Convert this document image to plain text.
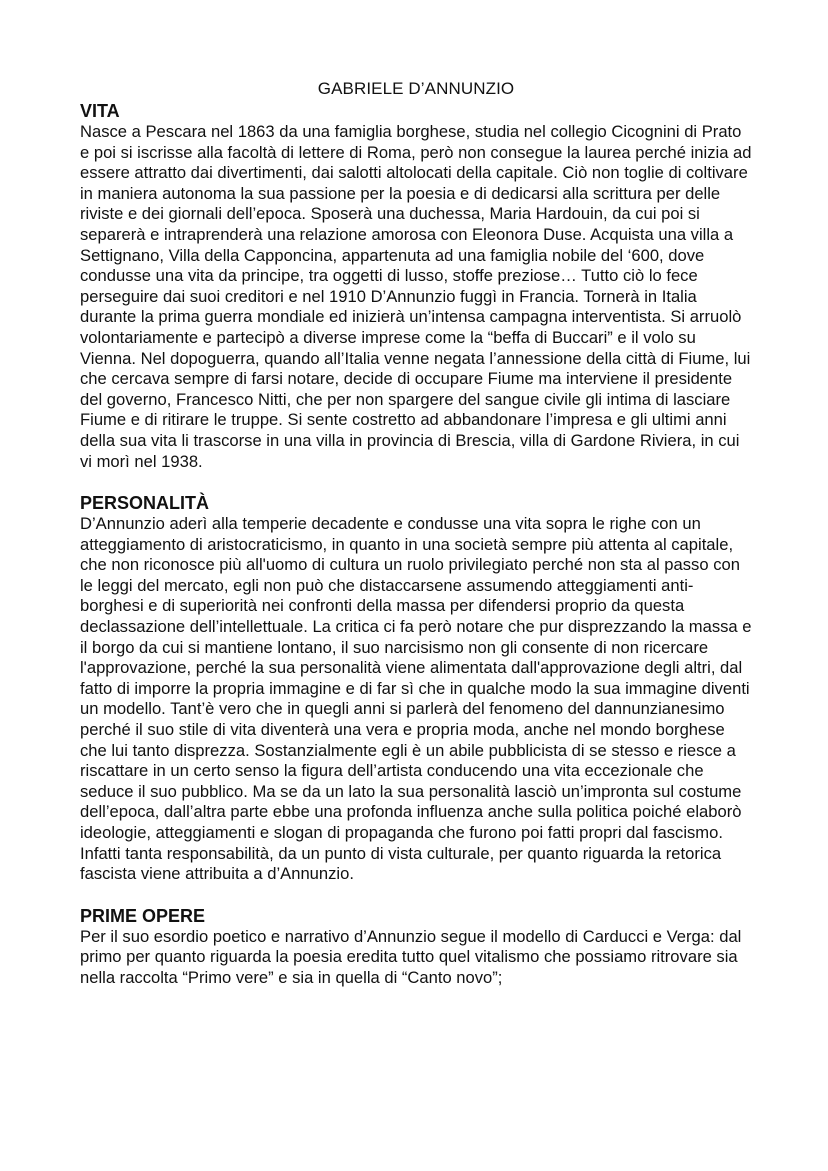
GABRIELE D’ANNUNZIO
VITA

Nasce a Pescara nel 1863 da una famiglia borghese, studia nel collegio Cicognini di Prato e poi si iscrisse alla facoltà di lettere di Roma, però non consegue la laurea perché inizia ad essere attratto dai divertimenti, dai salotti altolocati della capitale. Ciò non toglie di coltivare in maniera autonoma la sua passione per la poesia e di dedicarsi alla scrittura per delle riviste e dei giornali dell’epoca. Sposerà una duchessa, Maria Hardouin, da cui poi si separerà e intraprenderà una relazione amorosa con Eleonora Duse. Acquista una villa a Settignano, Villa della Capponcina, appartenuta ad una famiglia nobile del ‘600, dove condusse una vita da principe, tra oggetti di lusso, stoffe preziose… Tutto ciò lo fece perseguire dai suoi creditori e nel 1910 D’Annunzio fuggì in Francia. Tornerà in Italia durante la prima guerra mondiale ed inizierà un’intensa campagna interventista. Si arruolò volontariamente e partecipò a diverse imprese come la “beffa di Buccari” e il volo su Vienna. Nel dopoguerra, quando all’Italia venne negata l’annessione della città di Fiume, lui che cercava sempre di farsi notare, decide di occupare Fiume ma interviene il presidente del governo, Francesco Nitti, che per non spargere del sangue civile gli intima di lasciare Fiume e di ritirare le truppe. Si sente costretto ad abbandonare l’impresa e gli ultimi anni della sua vita li trascorse in una villa in provincia di Brescia, villa di Gardone Riviera, in cui vi morì nel 1938.

PERSONALITÀ

D’Annunzio aderì alla temperie decadente e condusse una vita sopra le righe con un atteggiamento di aristocraticismo, in quanto in una società sempre più attenta al capitale, che non riconosce più all'uomo di cultura un ruolo privilegiato perché non sta al passo con le leggi del mercato, egli non può che distaccarsene assumendo atteggiamenti anti-borghesi e di superiorità nei confronti della massa per difendersi proprio da questa declassazione dell’intellettuale. La critica ci fa però notare che pur disprezzando la massa e il borgo da cui si mantiene lontano, il suo narcisismo non gli consente di non ricercare l'approvazione, perché la sua personalità viene alimentata dall'approvazione degli altri, dal fatto di imporre la propria immagine e di far sì che in qualche modo la sua immagine diventi un modello. Tant’è vero che in quegli anni si parlerà del fenomeno del dannunzianesimo perché il suo stile di vita diventerà una vera e propria moda, anche nel mondo borghese che lui tanto disprezza. Sostanzialmente egli è un abile pubblicista di se stesso e riesce a riscattare in un certo senso la figura dell’artista conducendo una vita eccezionale che seduce il suo pubblico. Ma se da un lato la sua personalità lasciò un’impronta sul costume dell’epoca, dall’altra parte ebbe una profonda influenza anche sulla politica poiché elaborò ideologie, atteggiamenti e slogan di propaganda che furono poi fatti propri dal fascismo. Infatti tanta responsabilità, da un punto di vista culturale, per quanto riguarda la retorica fascista viene attribuita a d’Annunzio.

PRIME OPERE

Per il suo esordio poetico e narrativo d’Annunzio segue il modello di Carducci e Verga: dal primo per quanto riguarda la poesia eredita tutto quel vitalismo che possiamo ritrovare sia nella raccolta “Primo vere” e sia in quella di “Canto novo”;
